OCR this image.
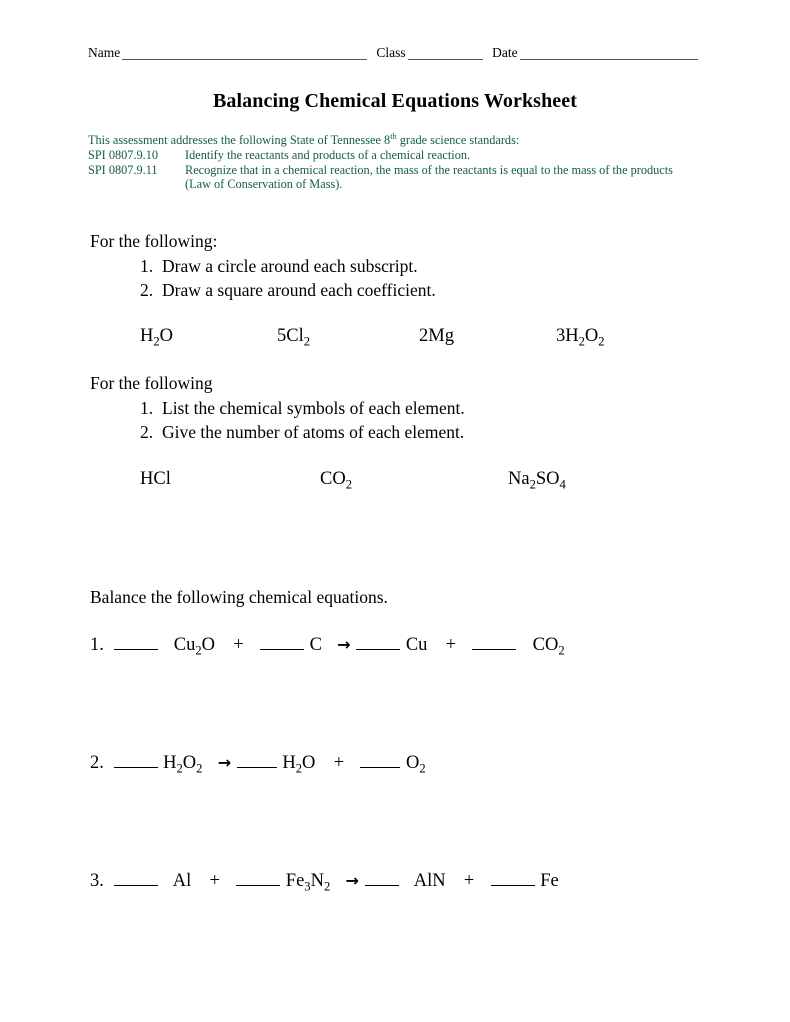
Name	Class	Date
Balancing Chemical Equations Worksheet
This assessment addresses the following State of Tennessee 8th grade science standards:
SPI 0807.9.10	Identify the reactants and products of a chemical reaction.
SPI 0807.9.11	Recognize that in a chemical reaction, the mass of the reactants is equal to the mass of the products (Law of Conservation of Mass).
For the following:
1. Draw a circle around each subscript.
2. Draw a square around each coefficient.
$H_2O$	$5Cl_2$	2Mg	$3H_2O_2$
For the following
1. List the chemical symbols of each element.
2. Give the number of atoms of each element.
HCl	$CO_2$	$Na_2SO_4$
Balance the following chemical equations.
1.	$Cu_2O$ +	C →	Cu +	$CO_2$
2.	$H_2O_2$ →	$H_2O$ +	$O_2$
3.	Al +	$Fe_3N_2$ →	AlN +	Fe
